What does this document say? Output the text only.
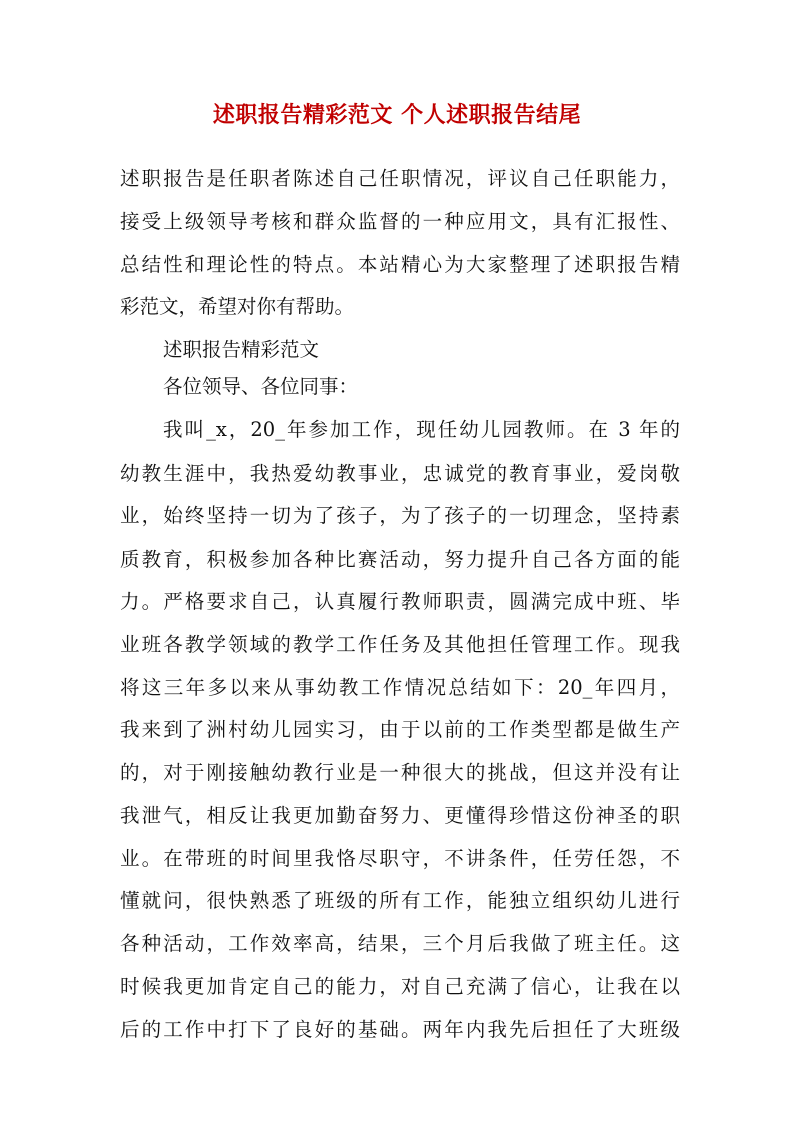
述职报告精彩范文 个人述职报告结尾
述职报告是任职者陈述自己任职情况，评议自己任职能力，
接受上级领导考核和群众监督的一种应用文，具有汇报性、
总结性和理论性的特点。本站精心为大家整理了述职报告精
彩范文，希望对你有帮助。
述职报告精彩范文
各位领导、各位同事：
我叫_x，20_年参加工作，现任幼儿园教师。在 3 年的
幼教生涯中，我热爱幼教事业，忠诚党的教育事业，爱岗敬
业，始终坚持一切为了孩子，为了孩子的一切理念，坚持素
质教育，积极参加各种比赛活动，努力提升自己各方面的能
力。严格要求自己，认真履行教师职责，圆满完成中班、毕
业班各教学领域的教学工作任务及其他担任管理工作。现我
将这三年多以来从事幼教工作情况总结如下：20_年四月，
我来到了洲村幼儿园实习，由于以前的工作类型都是做生产
的，对于刚接触幼教行业是一种很大的挑战，但这并没有让
我泄气，相反让我更加勤奋努力、更懂得珍惜这份神圣的职
业。在带班的时间里我恪尽职守，不讲条件，任劳任怨，不
懂就问，很快熟悉了班级的所有工作，能独立组织幼儿进行
各种活动，工作效率高，结果，三个月后我做了班主任。这
时候我更加肯定自己的能力，对自己充满了信心，让我在以
后的工作中打下了良好的基础。两年内我先后担任了大班级
